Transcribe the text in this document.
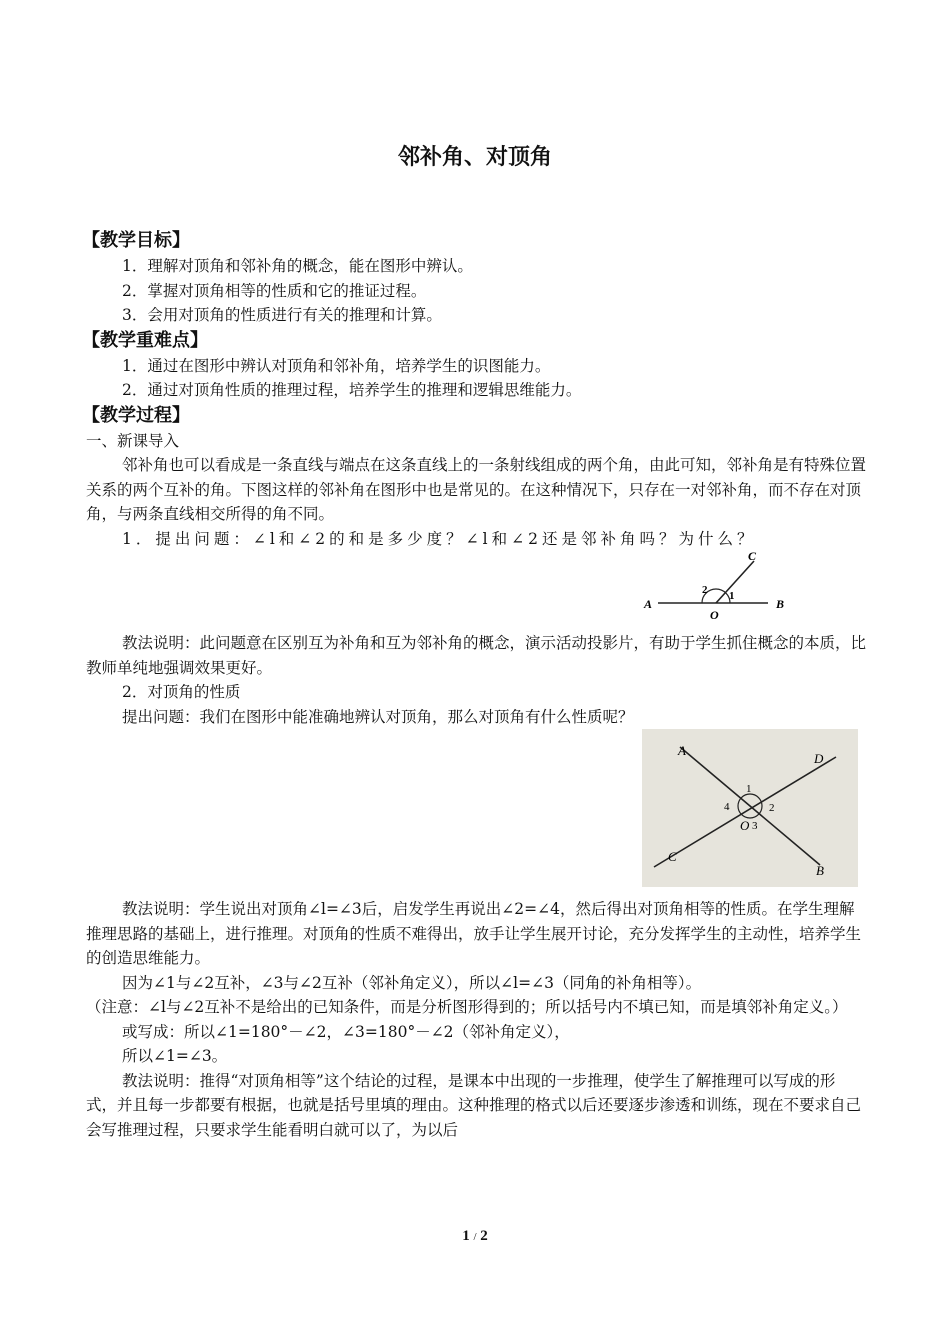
邻补角、对顶角
【教学目标】

1．理解对顶角和邻补角的概念，能在图形中辨认。

2．掌握对顶角相等的性质和它的推证过程。

3．会用对顶角的性质进行有关的推理和计算。

【教学重难点】

1．通过在图形中辨认对顶角和邻补角，培养学生的识图能力。

2．通过对顶角性质的推理过程，培养学生的推理和逻辑思维能力。

【教学过程】

一、新课导入

邻补角也可以看成是一条直线与端点在这条直线上的一条射线组成的两个角，由此可知，邻补角是有特殊位置关系的两个互补的角。下图这样的邻补角在图形中也是常见的。在这种情况下，只存在一对邻补角，而不存在对顶角，与两条直线相交所得的角不同。

1．提出问题：∠l和∠2的和是多少度？∠l和∠2还是邻补角吗？为什么？

A	B
C
O
1
2

教法说明：此问题意在区别互为补角和互为邻补角的概念，演示活动投影片，有助于学生抓住概念的本质，比教师单纯地强调效果更好。

2．对顶角的性质

提出问题：我们在图形中能准确地辨认对顶角，那么对顶角有什么性质呢？

A
D
C
B
O
1
2
3
4

教法说明：学生说出对顶角∠l=∠3后，启发学生再说出∠2=∠4，然后得出对顶角相等的性质。在学生理解推理思路的基础上，进行推理。对顶角的性质不难得出，放手让学生展开讨论，充分发挥学生的主动性，培养学生的创造思维能力。

因为∠1与∠2互补，∠3与∠2互补（邻补角定义），所以∠l=∠3（同角的补角相等）。

（注意：∠l与∠2互补不是给出的已知条件，而是分析图形得到的；所以括号内不填已知，而是填邻补角定义。）

或写成：所以∠1=180°－∠2，∠3=180°－∠2（邻补角定义），

所以∠1=∠3。

教法说明：推得“对顶角相等”这个结论的过程，是课本中出现的一步推理，使学生了解推理可以写成的形式，并且每一步都要有根据，也就是括号里填的理由。这种推理的格式以后还要逐步渗透和训练，现在不要求自己会写推理过程，只要求学生能看明白就可以了，为以后

1 / 2
